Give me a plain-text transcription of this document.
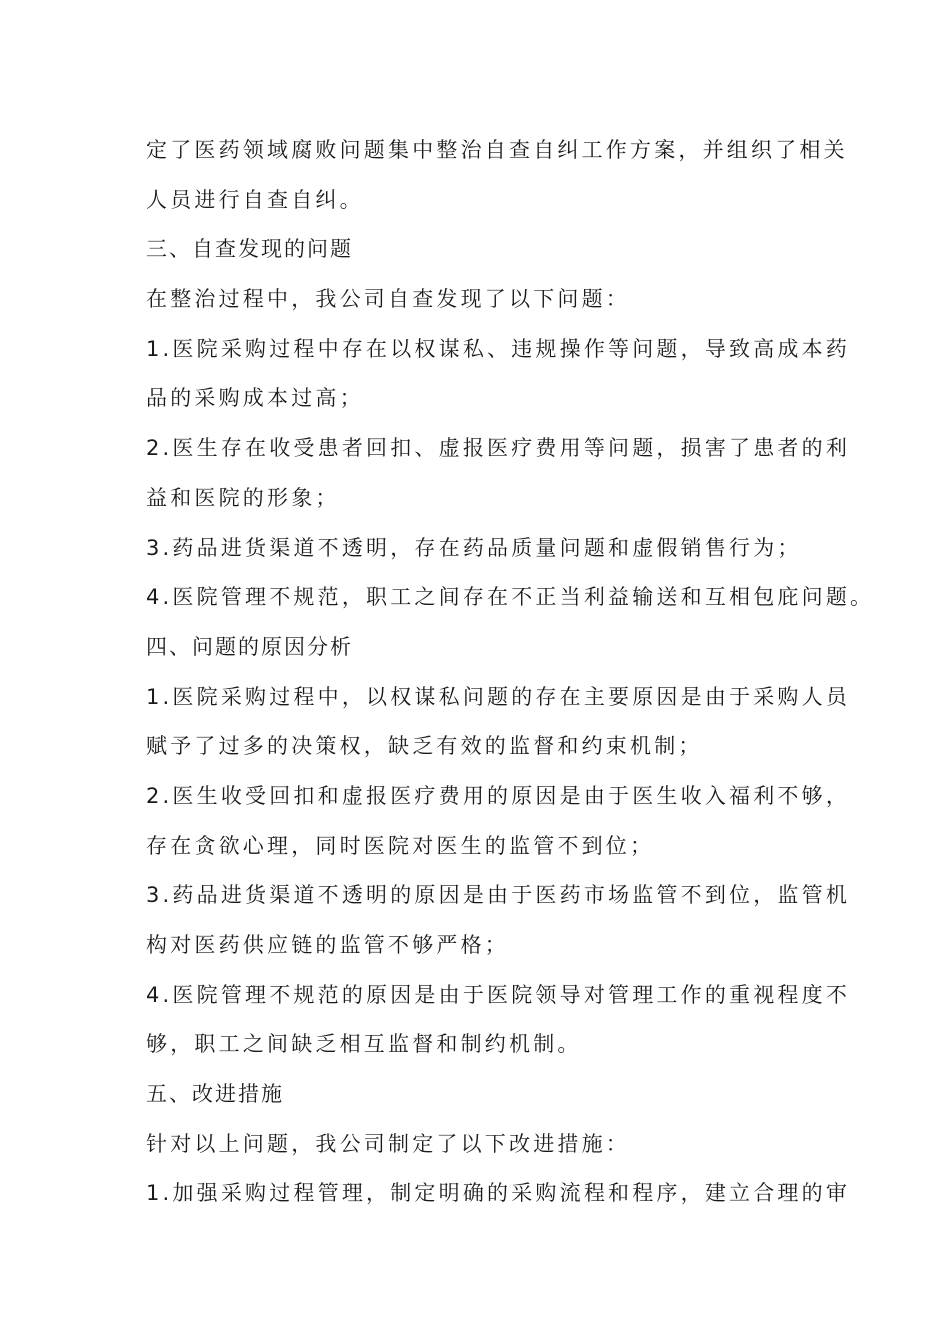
定了医药领域腐败问题集中整治自查自纠工作方案，并组织了相关

人员进行自查自纠。

三、自查发现的问题

在整治过程中，我公司自查发现了以下问题：

1.医院采购过程中存在以权谋私、违规操作等问题，导致高成本药

品的采购成本过高；

2.医生存在收受患者回扣、虚报医疗费用等问题，损害了患者的利

益和医院的形象；

3.药品进货渠道不透明，存在药品质量问题和虚假销售行为；

4.医院管理不规范，职工之间存在不正当利益输送和互相包庇问题。

四、问题的原因分析

1.医院采购过程中，以权谋私问题的存在主要原因是由于采购人员

赋予了过多的决策权，缺乏有效的监督和约束机制；

2.医生收受回扣和虚报医疗费用的原因是由于医生收入福利不够，

存在贪欲心理，同时医院对医生的监管不到位；

3.药品进货渠道不透明的原因是由于医药市场监管不到位，监管机

构对医药供应链的监管不够严格；

4.医院管理不规范的原因是由于医院领导对管理工作的重视程度不

够，职工之间缺乏相互监督和制约机制。

五、改进措施

针对以上问题，我公司制定了以下改进措施：

1.加强采购过程管理，制定明确的采购流程和程序，建立合理的审
